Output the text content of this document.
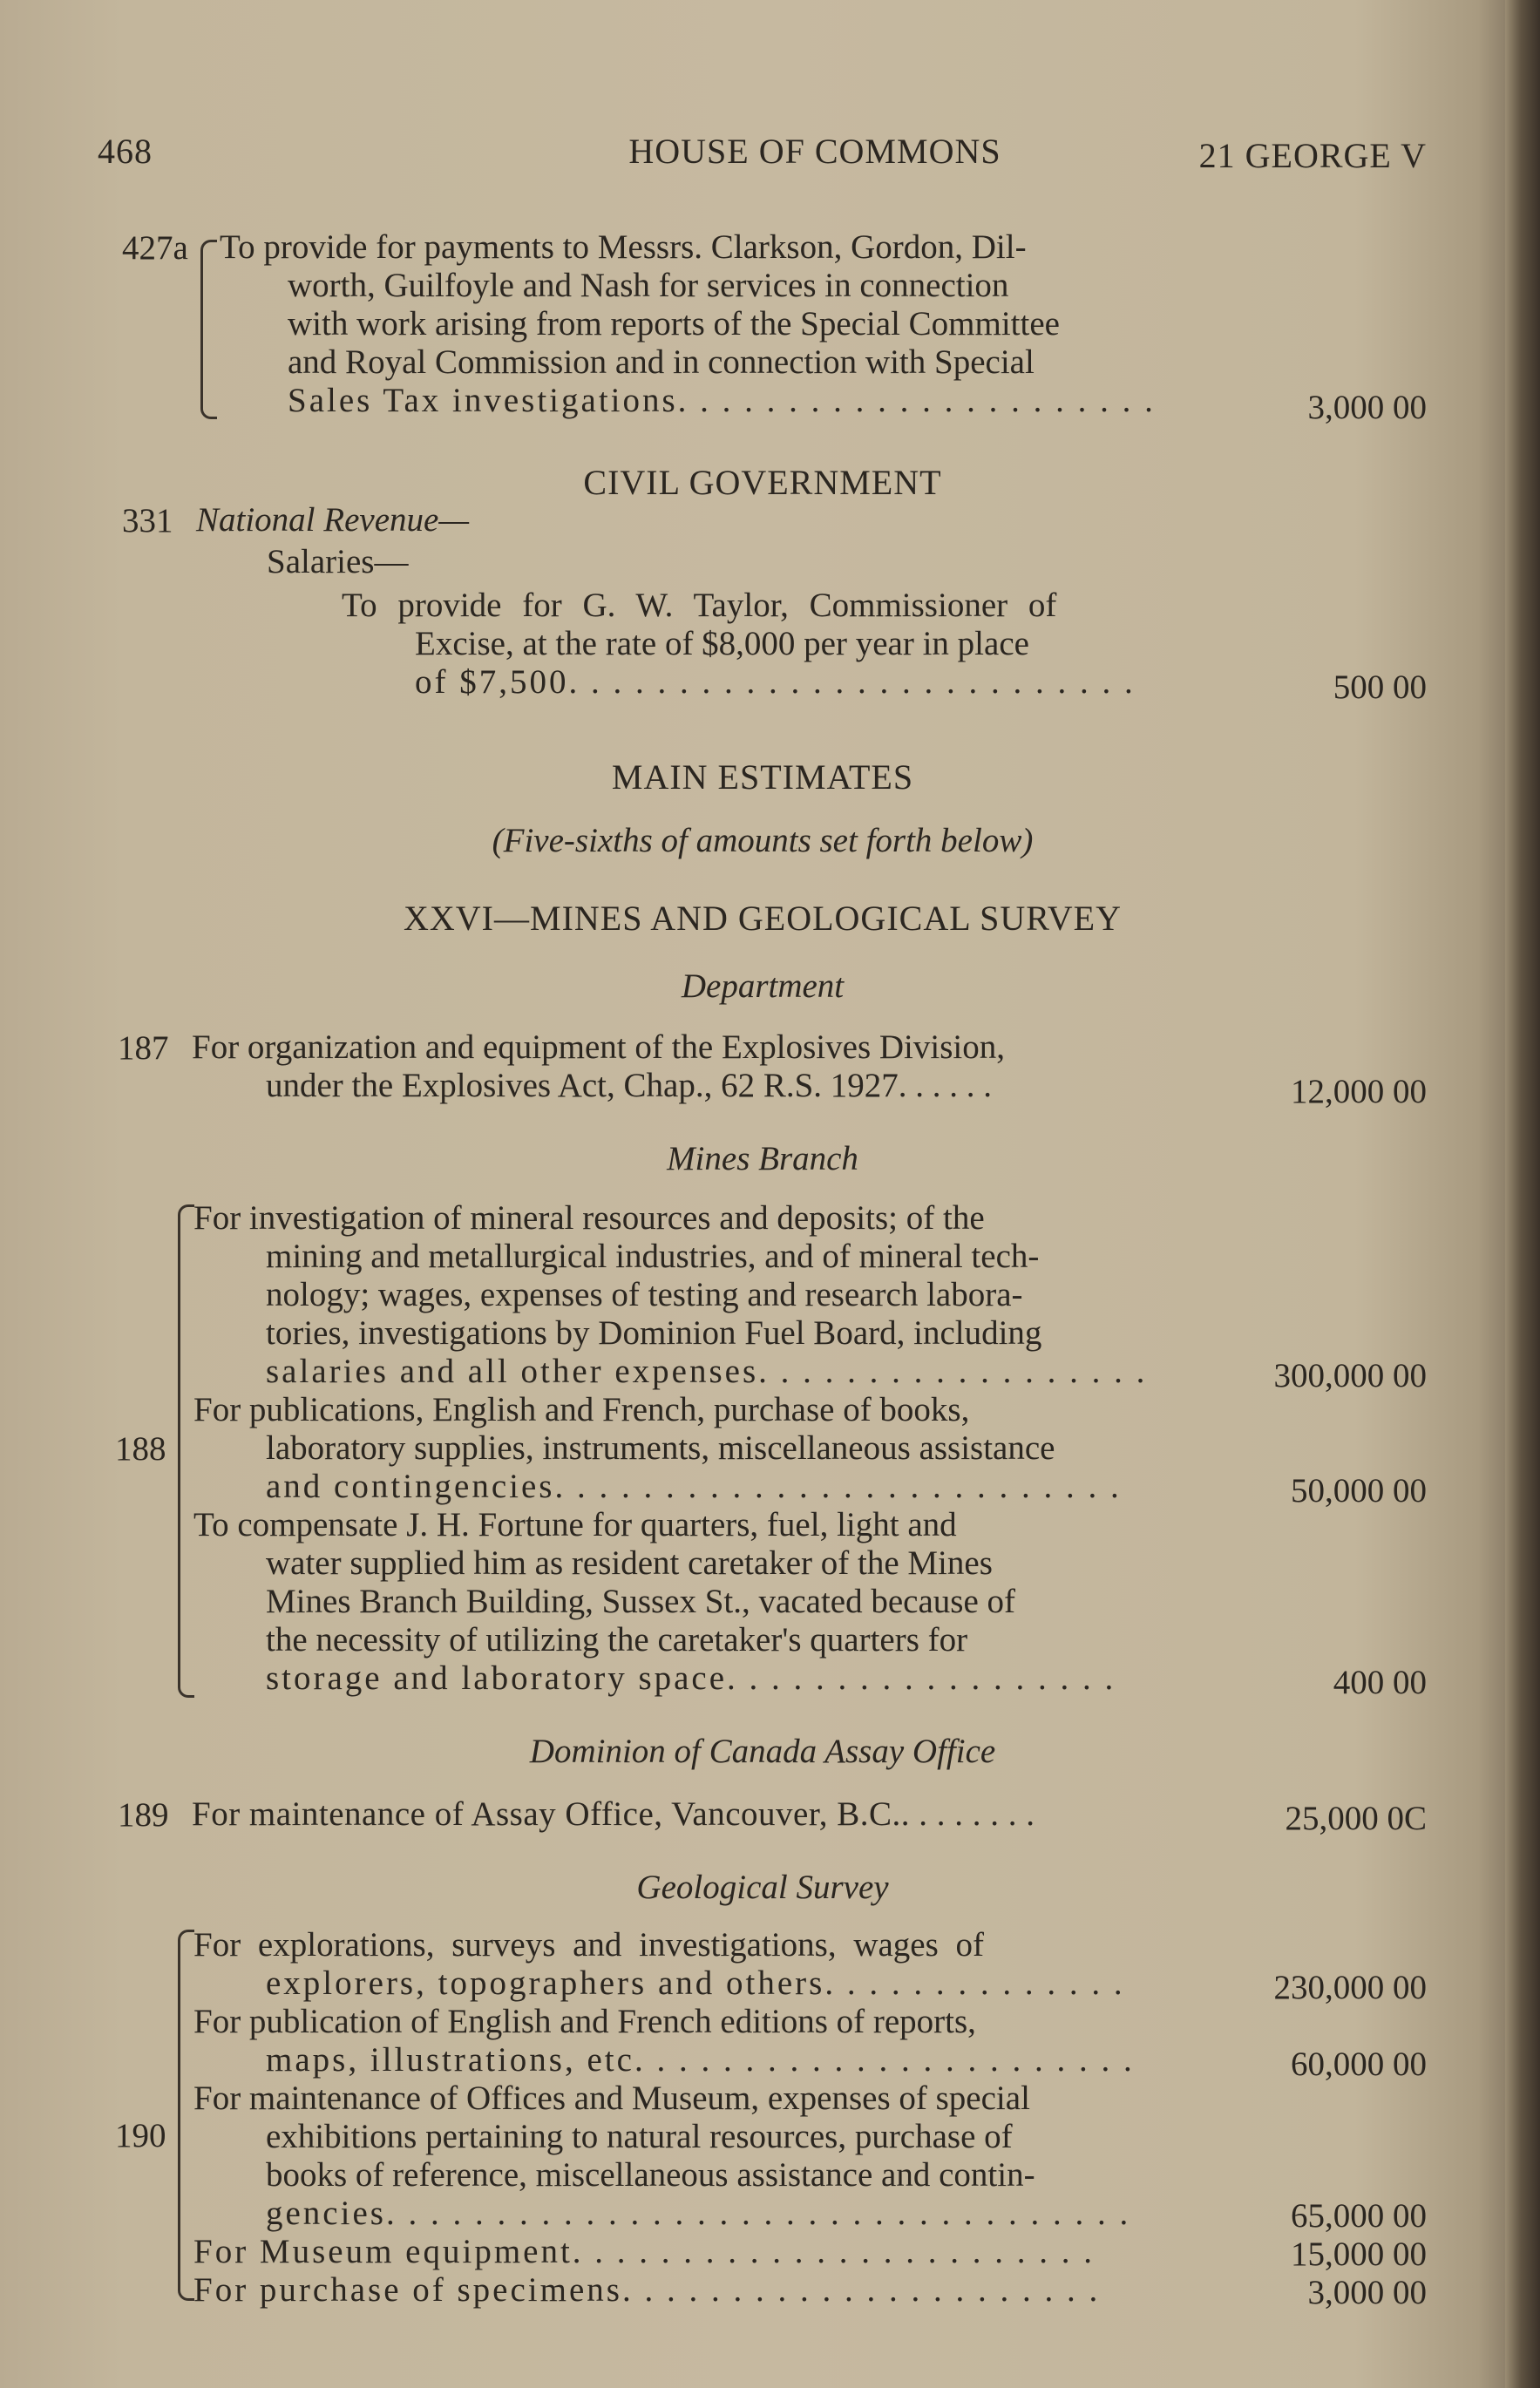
468	HOUSE OF COMMONS	21 GEORGE V
427a To provide for payments to Messrs. Clarkson, Gordon, Dil-
worth, Guilfoyle and Nash for services in connection
with work arising from reports of the Special Committee
and Royal Commission and in connection with Special
Sales Tax investigations. . . . . . . . . . . . . . . . . . . . . .	3,000 00
CIVIL GOVERNMENT
331 National Revenue—
Salaries—
To provide for G. W. Taylor, Commissioner of
Excise, at the rate of $8,000 per year in place
of $7,500. . . . . . . . . . . . . . . . . . . . . . . . . .	500 00
MAIN ESTIMATES
(Five-sixths of amounts set forth below)
XXVI—MINES AND GEOLOGICAL SURVEY
Department
187 For organization and equipment of the Explosives Division,
under the Explosives Act, Chap., 62 R.S. 1927. . . . . .	12,000 00
Mines Branch
188
For investigation of mineral resources and deposits; of the
mining and metallurgical industries, and of mineral tech-
nology; wages, expenses of testing and research labora-
tories, investigations by Dominion Fuel Board, including
salaries and all other expenses. . . . . . . . . . . . . . . . . .	300,000 00
For publications, English and French, purchase of books,
laboratory supplies, instruments, miscellaneous assistance
and contingencies. . . . . . . . . . . . . . . . . . . . . . . . . .	50,000 00
To compensate J. H. Fortune for quarters, fuel, light and
water supplied him as resident caretaker of the Mines
Mines Branch Building, Sussex St., vacated because of
the necessity of utilizing the caretaker's quarters for
storage and laboratory space. . . . . . . . . . . . . . . . . .	400 00
Dominion of Canada Assay Office
189 For maintenance of Assay Office, Vancouver, B.C.. . . . . . . .	25,000 0C
Geological Survey
190
For explorations, surveys and investigations, wages of
explorers, topographers and others. . . . . . . . . . . . . .	230,000 00
For publication of English and French editions of reports,
maps, illustrations, etc. . . . . . . . . . . . . . . . . . . . . . .	60,000 00
For maintenance of Offices and Museum, expenses of special
exhibitions pertaining to natural resources, purchase of
books of reference, miscellaneous assistance and contin-
gencies. . . . . . . . . . . . . . . . . . . . . . . . . . . . . . . . . .	65,000 00
For Museum equipment. . . . . . . . . . . . . . . . . . . . . . . .	15,000 00
For purchase of specimens. . . . . . . . . . . . . . . . . . . . . .	3,000 00
